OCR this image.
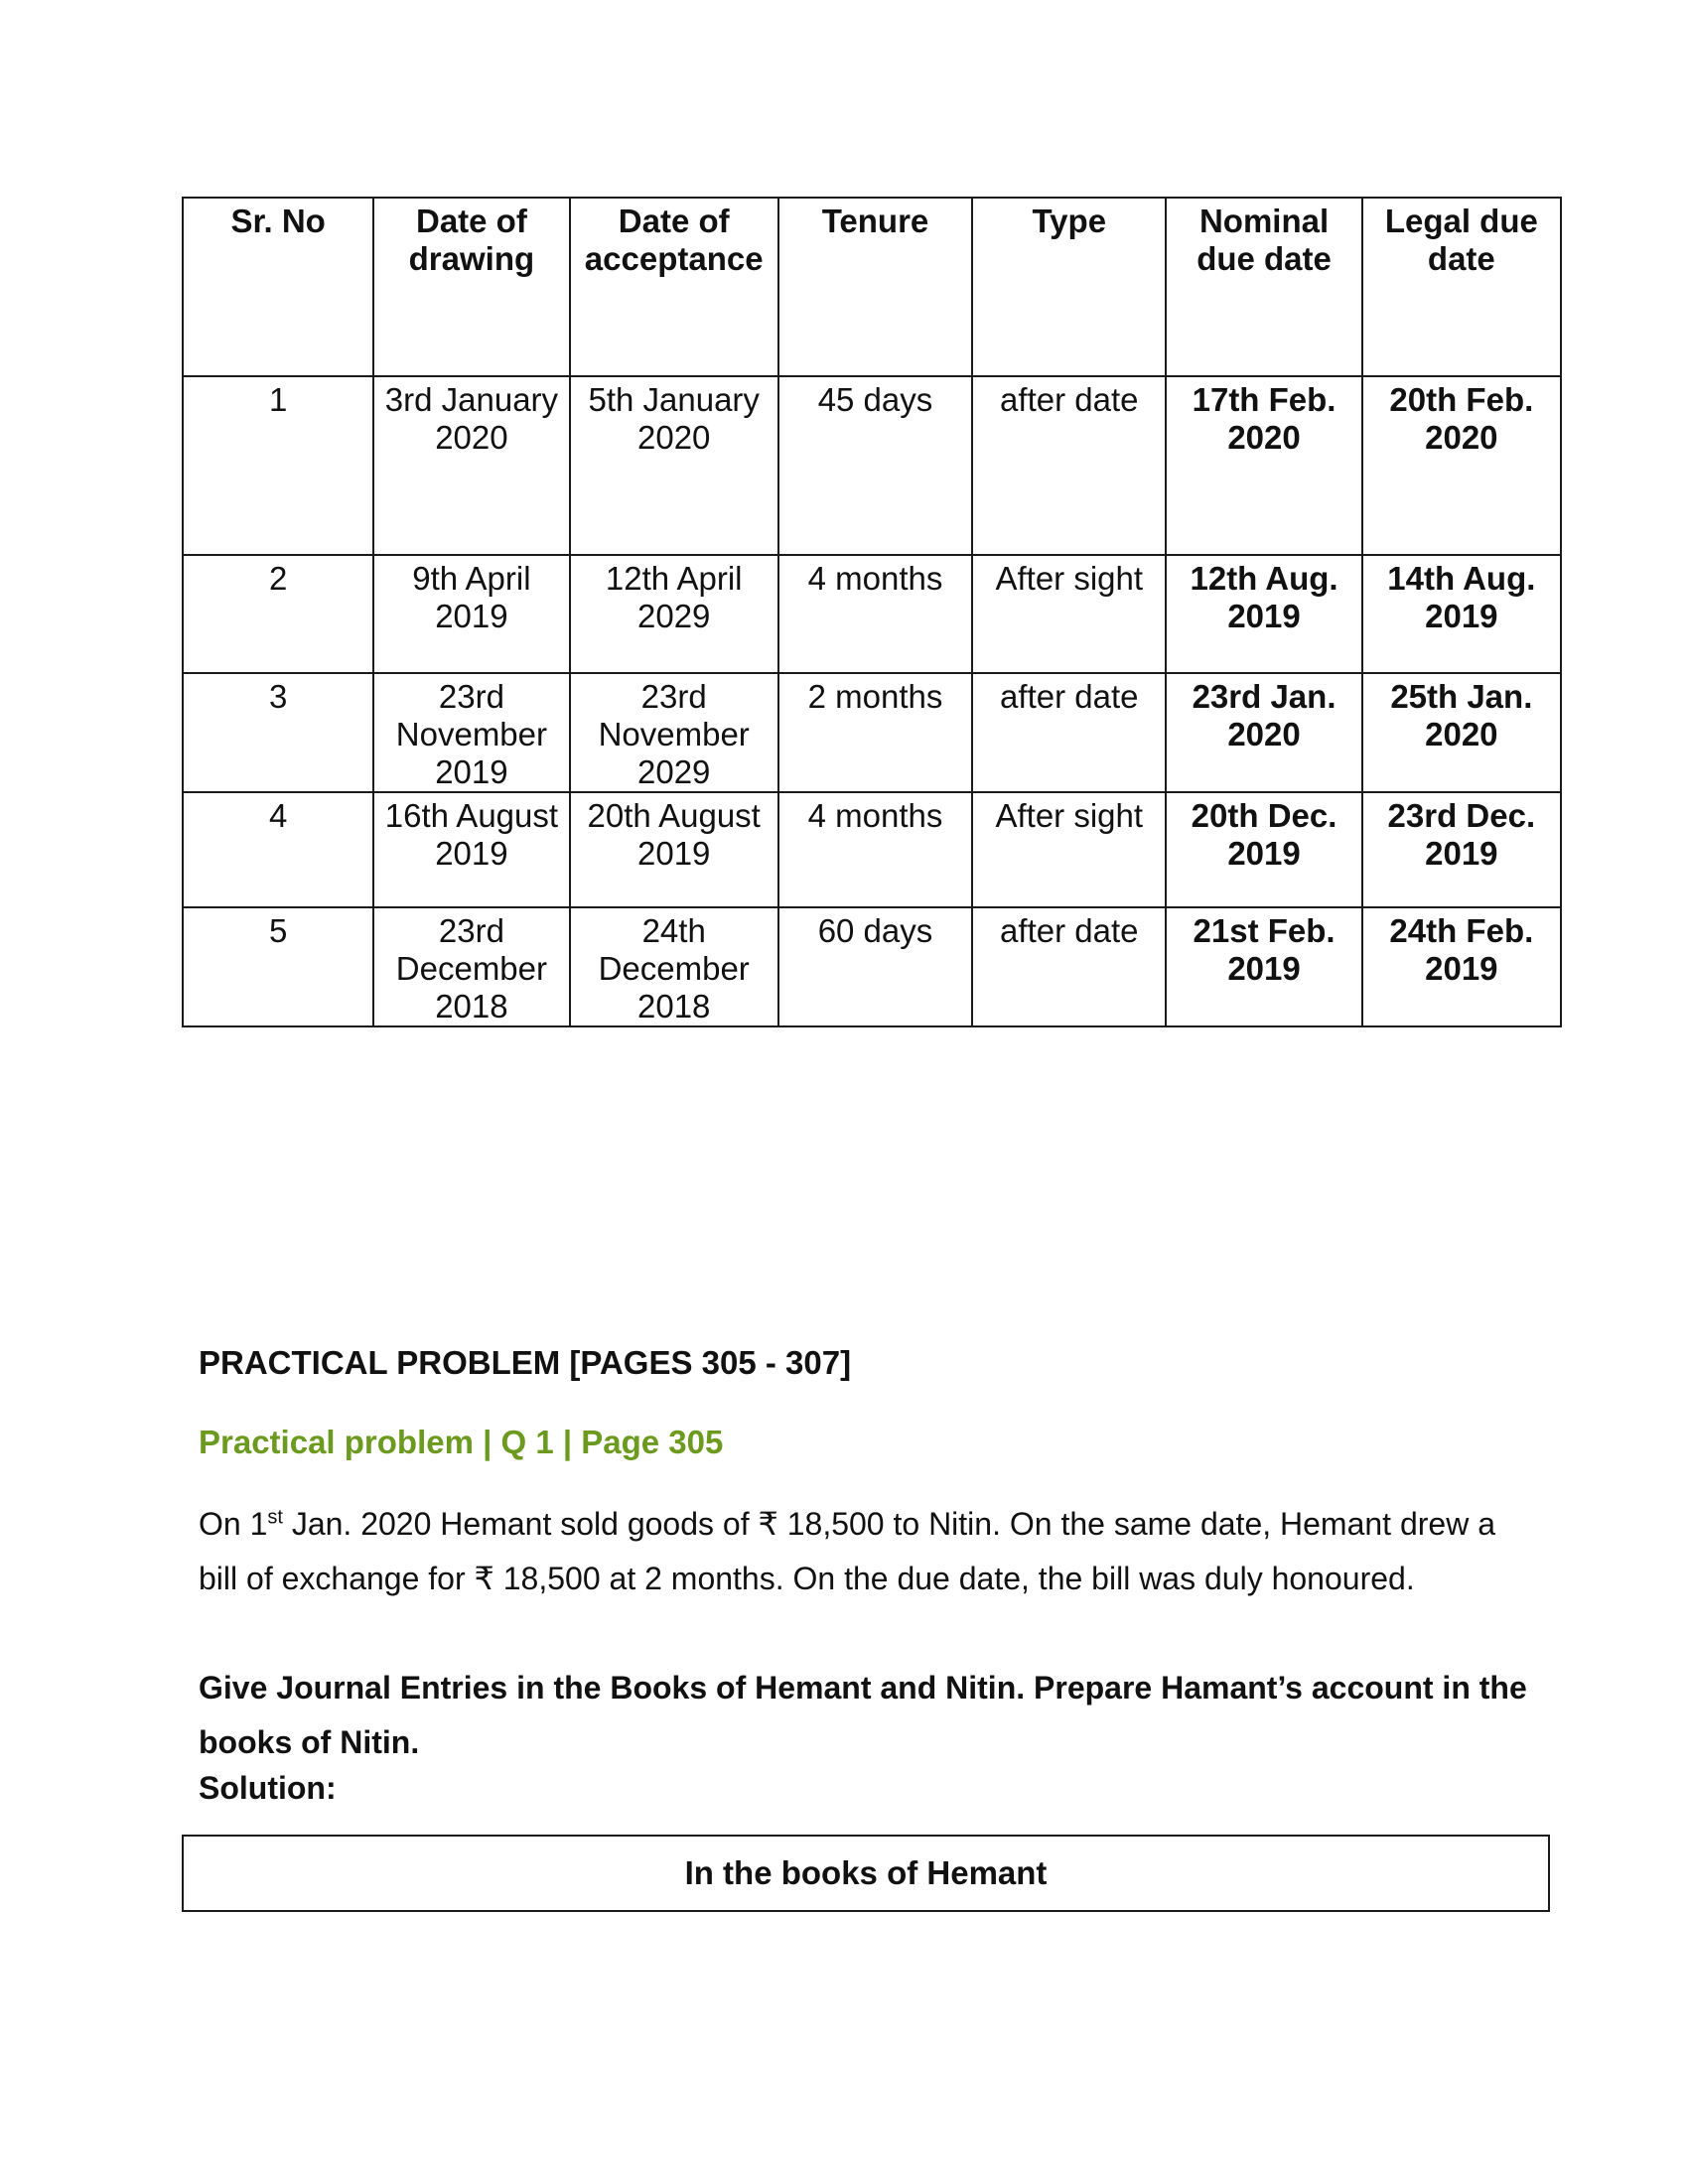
Sr. No	Date of drawing	Date of acceptance	Tenure	Type	Nominal due date	Legal due date
1	3rd January 2020	5th January 2020	45 days	after date	17th Feb. 2020	20th Feb. 2020
2	9th April 2019	12th April 2029	4 months	After sight	12th Aug. 2019	14th Aug. 2019
3	23rd November 2019	23rd November 2029	2 months	after date	23rd Jan. 2020	25th Jan. 2020
4	16th August 2019	20th August 2019	4 months	After sight	20th Dec. 2019	23rd Dec. 2019
5	23rd December 2018	24th December 2018	60 days	after date	21st Feb. 2019	24th Feb. 2019
PRACTICAL PROBLEM [PAGES 305 - 307]
Practical problem | Q 1 | Page 305

On 1st Jan. 2020 Hemant sold goods of ₹ 18,500 to Nitin. On the same date, Hemant drew a bill of exchange for ₹ 18,500 at 2 months. On the due date, the bill was duly honoured.

Give Journal Entries in the Books of Hemant and Nitin. Prepare Hamant’s account in the books of Nitin.

Solution:

In the books of Hemant
